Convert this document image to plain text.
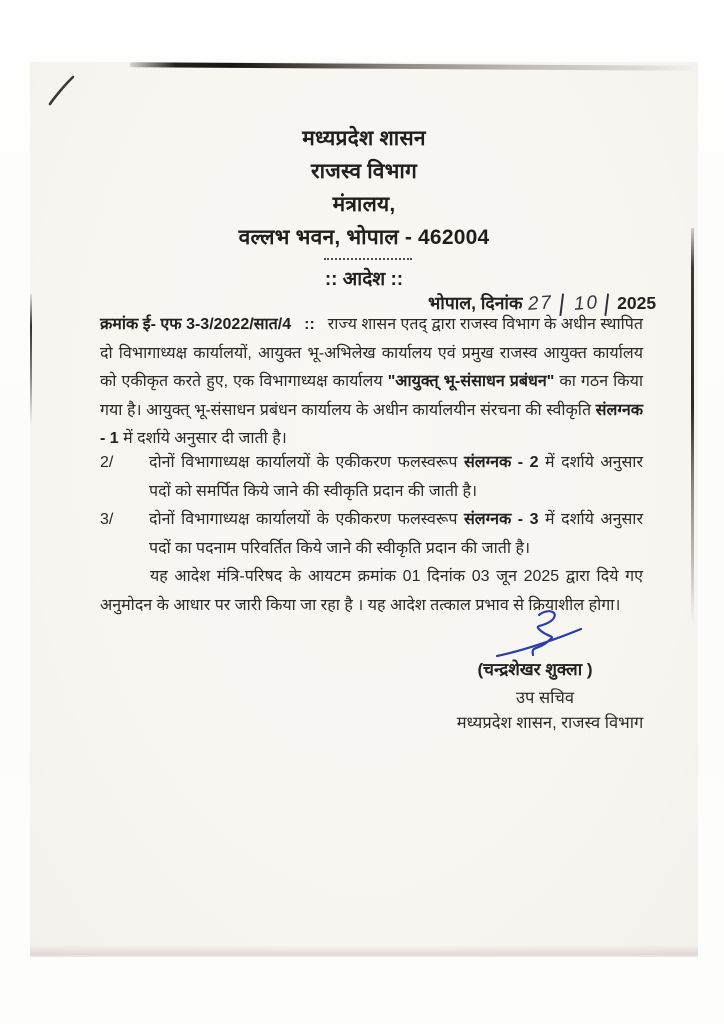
मध्यप्रदेश शासन
राजस्व विभाग
मंत्रालय,
वल्लभ भवन, भोपाल - 462004
:: आदेश ::
भोपाल, दिनांक 27 | 10 | 2025

क्रमांक ई- एफ 3-3/2022/सात/4 :: राज्य शासन एतद् द्वारा राजस्व विभाग के अधीन स्थापित दो विभागाध्यक्ष कार्यालयों, आयुक्त भू-अभिलेख कार्यालय एवं प्रमुख राजस्व आयुक्त कार्यालय को एकीकृत करते हुए, एक विभागाध्यक्ष कार्यालय "आयुक्त् भू-संसाधन प्रबंधन" का गठन किया गया है। आयुक्त् भू-संसाधन प्रबंधन कार्यालय के अधीन कार्यालयीन संरचना की स्वीकृति संलग्नक - 1 में दर्शाये अनुसार दी जाती है।

2/	दोनों विभागाध्यक्ष कार्यालयों के एकीकरण फलस्वरूप संलग्नक - 2 में दर्शाये अनुसार पदों को समर्पित किये जाने की स्वीकृति प्रदान की जाती है।
3/	दोनों विभागाध्यक्ष कार्यालयों के एकीकरण फलस्वरूप संलग्नक - 3 में दर्शाये अनुसार पदों का पदनाम परिवर्तित किये जाने की स्वीकृति प्रदान की जाती है।

यह आदेश मंत्रि-परिषद के आयटम क्रमांक 01 दिनांक 03 जून 2025 द्वारा दिये गए अनुमोदन के आधार पर जारी किया जा रहा है । यह आदेश तत्काल प्रभाव से क्रियाशील होगा।

(चन्द्रशेखर शुक्ला )
उप सचिव
मध्यप्रदेश शासन, राजस्व विभाग
